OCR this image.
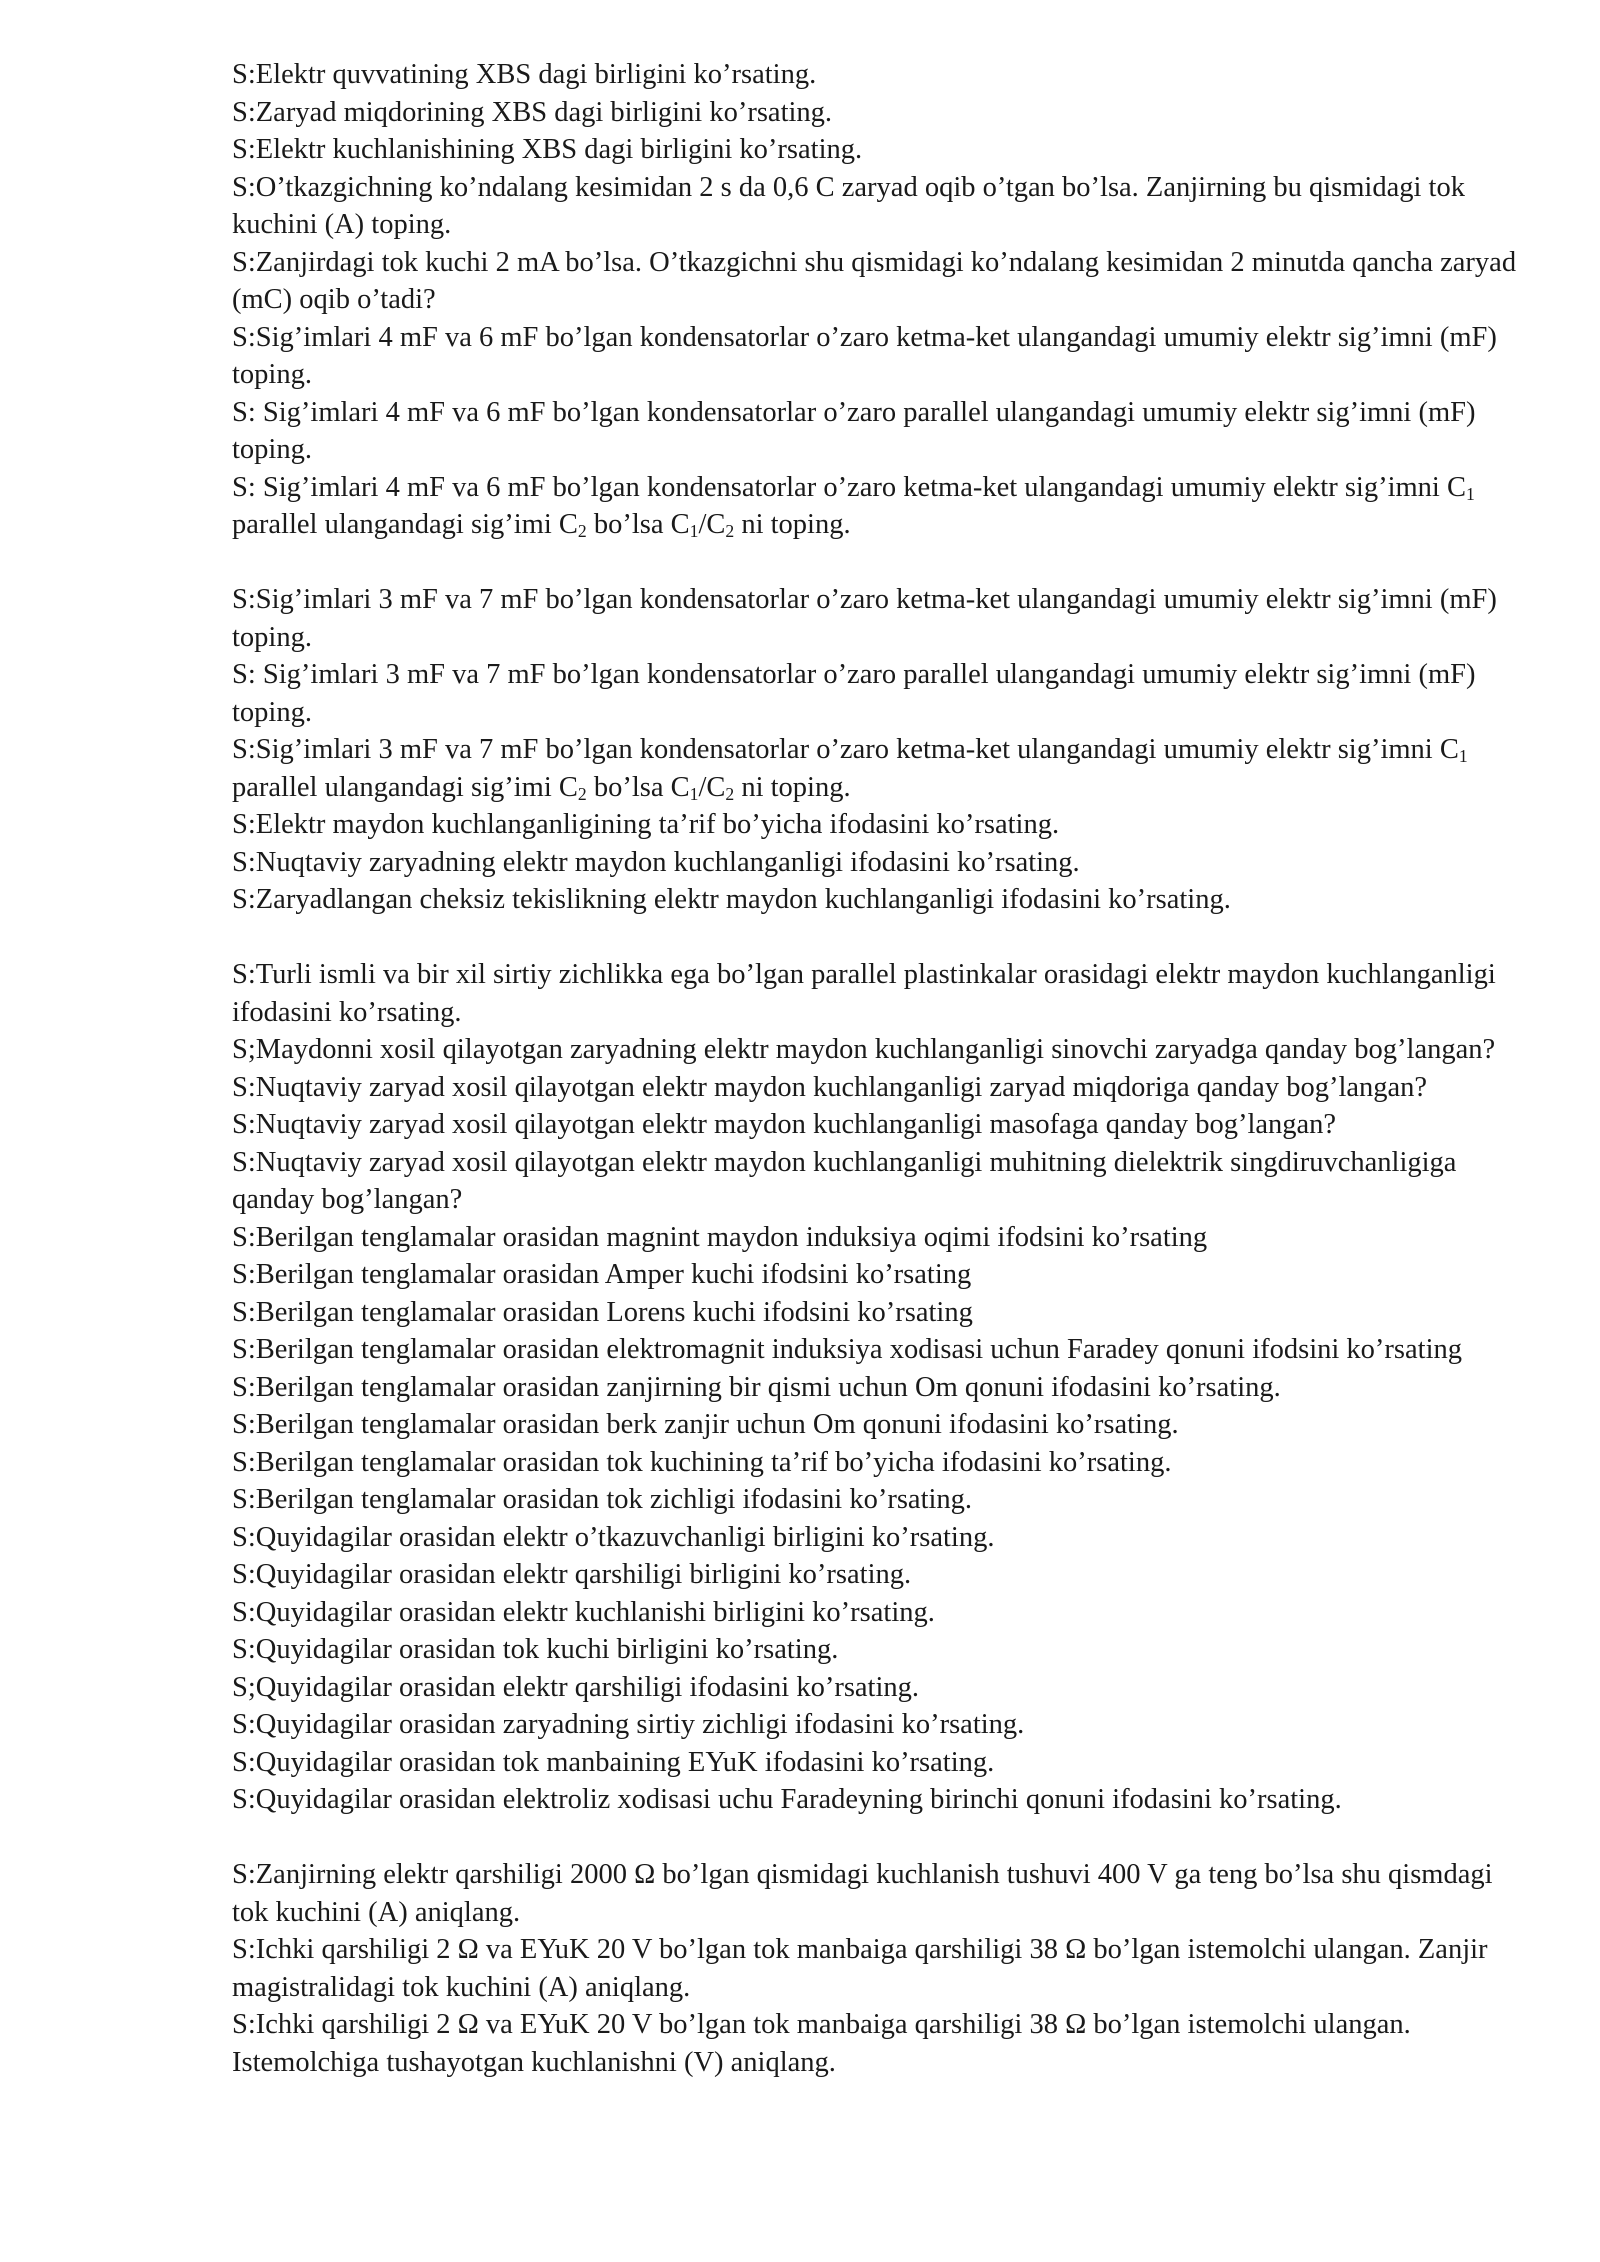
S:Elektr quvvatining XBS dagi birligini ko’rsating.

S:Zaryad miqdorining XBS dagi birligini ko’rsating.

S:Elektr kuchlanishining XBS dagi birligini ko’rsating.

S:O’tkazgichning ko’ndalang kesimidan 2 s da 0,6 C zaryad oqib o’tgan bo’lsa. Zanjirning bu qismidagi tok kuchini (A) toping.

S:Zanjirdagi tok kuchi 2 mA bo’lsa. O’tkazgichni shu qismidagi ko’ndalang kesimidan 2 minutda qancha zaryad (mC) oqib o’tadi?

S:Sig’imlari 4 mF va 6 mF bo’lgan kondensatorlar o’zaro ketma-ket ulangandagi umumiy elektr sig’imni (mF) toping.

S: Sig’imlari 4 mF va 6 mF bo’lgan kondensatorlar o’zaro parallel ulangandagi umumiy elektr sig’imni (mF) toping.

S: Sig’imlari 4 mF va 6 mF bo’lgan kondensatorlar o’zaro ketma-ket ulangandagi umumiy elektr sig’imni $C_1$ parallel ulangandagi sig’imi $C_2$ bo’lsa $C_1/C_2$ ni toping.

S:Sig’imlari 3 mF va 7 mF bo’lgan kondensatorlar o’zaro ketma-ket ulangandagi umumiy elektr sig’imni (mF) toping.

S: Sig’imlari 3 mF va 7 mF bo’lgan kondensatorlar o’zaro parallel ulangandagi umumiy elektr sig’imni (mF) toping.

S:Sig’imlari 3 mF va 7 mF bo’lgan kondensatorlar o’zaro ketma-ket ulangandagi umumiy elektr sig’imni $C_1$ parallel ulangandagi sig’imi $C_2$ bo’lsa $C_1/C_2$ ni toping.

S:Elektr maydon kuchlanganligining ta’rif bo’yicha ifodasini ko’rsating.

S:Nuqtaviy zaryadning elektr maydon kuchlanganligi ifodasini ko’rsating.

S:Zaryadlangan cheksiz tekislikning elektr maydon kuchlanganligi ifodasini ko’rsating.

S:Turli ismli va bir xil sirtiy zichlikka ega bo’lgan parallel plastinkalar orasidagi elektr maydon kuchlanganligi ifodasini ko’rsating.

S;Maydonni xosil qilayotgan zaryadning elektr maydon kuchlanganligi sinovchi zaryadga qanday bog’langan?

S:Nuqtaviy zaryad xosil qilayotgan elektr maydon kuchlanganligi zaryad miqdoriga qanday bog’langan?

S:Nuqtaviy zaryad xosil qilayotgan elektr maydon kuchlanganligi masofaga qanday bog’langan?

S:Nuqtaviy zaryad xosil qilayotgan elektr maydon kuchlanganligi muhitning dielektrik singdiruvchanligiga qanday bog’langan?

S:Berilgan tenglamalar orasidan magnint maydon induksiya oqimi ifodsini ko’rsating

S:Berilgan tenglamalar orasidan Amper kuchi ifodsini ko’rsating

S:Berilgan tenglamalar orasidan Lorens kuchi ifodsini ko’rsating

S:Berilgan tenglamalar orasidan elektromagnit induksiya xodisasi uchun Faradey qonuni ifodsini ko’rsating

S:Berilgan tenglamalar orasidan zanjirning bir qismi uchun Om qonuni ifodasini ko’rsating.

S:Berilgan tenglamalar orasidan berk zanjir uchun Om qonuni ifodasini ko’rsating.

S:Berilgan tenglamalar orasidan tok kuchining ta’rif bo’yicha ifodasini ko’rsating.

S:Berilgan tenglamalar orasidan tok zichligi ifodasini ko’rsating.

S:Quyidagilar orasidan elektr o’tkazuvchanligi birligini ko’rsating.

S:Quyidagilar orasidan elektr qarshiligi birligini ko’rsating.

S:Quyidagilar orasidan elektr kuchlanishi birligini ko’rsating.

S:Quyidagilar orasidan tok kuchi birligini ko’rsating.

S;Quyidagilar orasidan elektr qarshiligi ifodasini ko’rsating.

S:Quyidagilar orasidan zaryadning sirtiy zichligi ifodasini ko’rsating.

S:Quyidagilar orasidan tok manbaining EYuK ifodasini ko’rsating.

S:Quyidagilar orasidan elektroliz xodisasi uchu Faradeyning birinchi qonuni ifodasini ko’rsating.

S:Zanjirning elektr qarshiligi 2000 Ω bo’lgan qismidagi kuchlanish tushuvi 400 V ga teng bo’lsa shu qismdagi tok kuchini (A) aniqlang.

S:Ichki qarshiligi 2 Ω va EYuK 20 V bo’lgan tok manbaiga qarshiligi 38 Ω bo’lgan istemolchi ulangan. Zanjir magistralidagi tok kuchini (A) aniqlang.

S:Ichki qarshiligi 2 Ω va EYuK 20 V bo’lgan tok manbaiga qarshiligi 38 Ω bo’lgan istemolchi ulangan. Istemolchiga tushayotgan kuchlanishni (V) aniqlang.
